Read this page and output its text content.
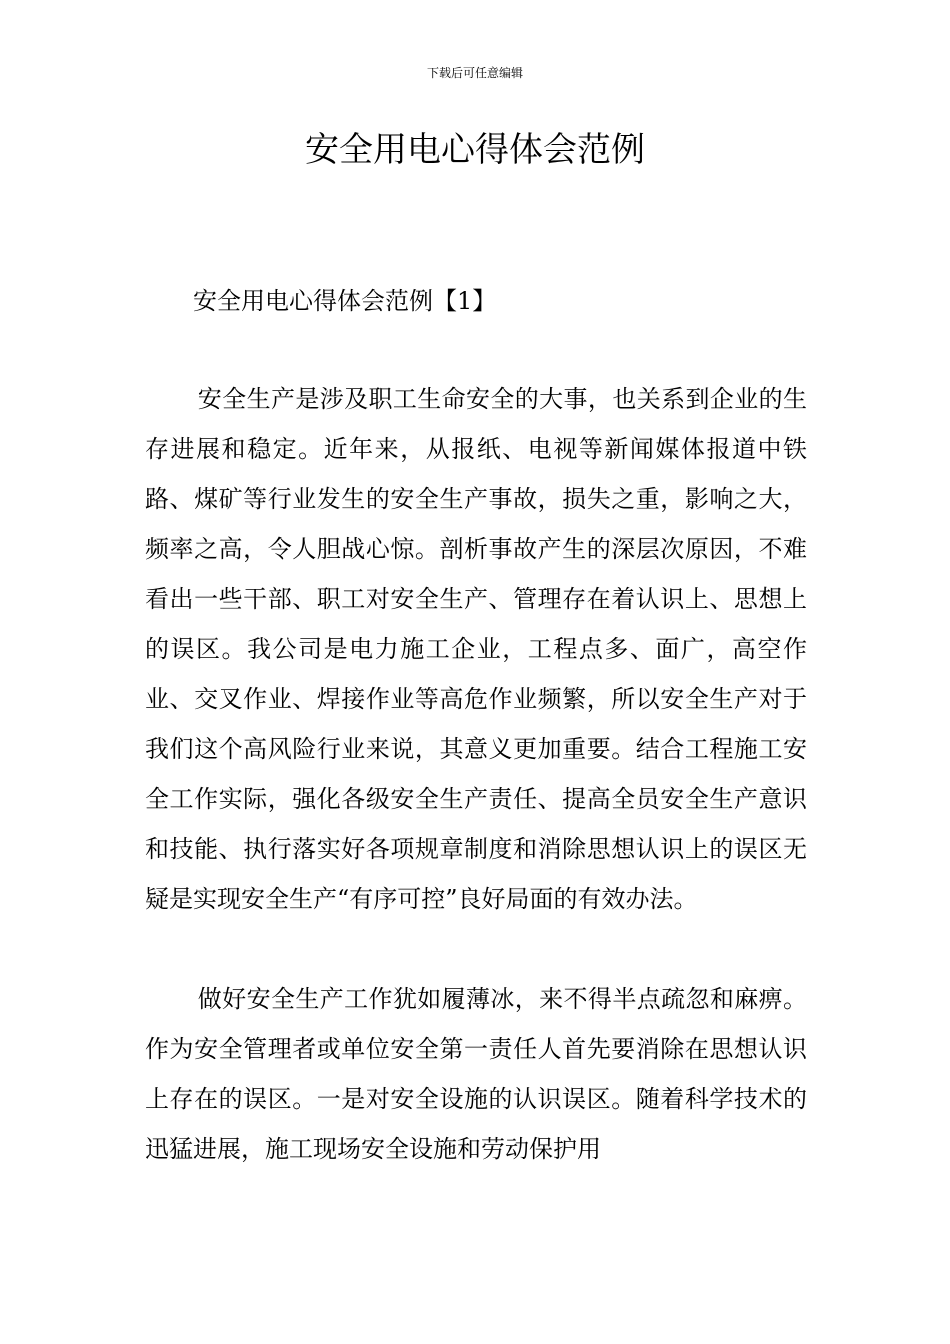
下载后可任意编辑
安全用电心得体会范例

安全用电心得体会范例【1】

安全生产是涉及职工生命安全的大事，也关系到企业的生存进展和稳定。近年来，从报纸、电视等新闻媒体报道中铁路、煤矿等行业发生的安全生产事故，损失之重，影响之大，频率之高，令人胆战心惊。剖析事故产生的深层次原因，不难看出一些干部、职工对安全生产、管理存在着认识上、思想上的误区。我公司是电力施工企业，工程点多、面广，高空作业、交叉作业、焊接作业等高危作业频繁，所以安全生产对于我们这个高风险行业来说，其意义更加重要。结合工程施工安全工作实际，强化各级安全生产责任、提高全员安全生产意识和技能、执行落实好各项规章制度和消除思想认识上的误区无疑是实现安全生产“有序可控”良好局面的有效办法。

做好安全生产工作犹如履薄冰，来不得半点疏忽和麻痹。作为安全管理者或单位安全第一责任人首先要消除在思想认识上存在的误区。一是对安全设施的认识误区。随着科学技术的迅猛进展，施工现场安全设施和劳动保护用
